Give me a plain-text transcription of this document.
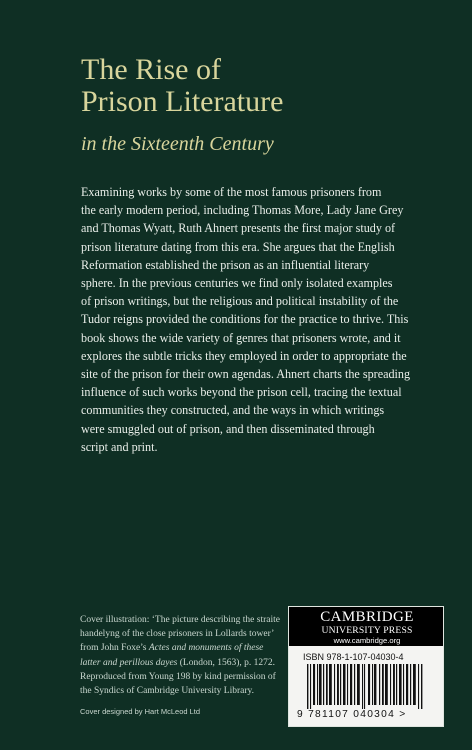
The Rise of
Prison Literature
in the Sixteenth Century
Examining works by some of the most famous prisoners from
the early modern period, including Thomas More, Lady Jane Grey
and Thomas Wyatt, Ruth Ahnert presents the first major study of
prison literature dating from this era. She argues that the English
Reformation established the prison as an influential literary
sphere. In the previous centuries we find only isolated examples
of prison writings, but the religious and political instability of the
Tudor reigns provided the conditions for the practice to thrive. This
book shows the wide variety of genres that prisoners wrote, and it
explores the subtle tricks they employed in order to appropriate the
site of the prison for their own agendas. Ahnert charts the spreading
influence of such works beyond the prison cell, tracing the textual
communities they constructed, and the ways in which writings
were smuggled out of prison, and then disseminated through
script and print.
Cover illustration: ‘The picture describing the straite
handelyng of the close prisoners in Lollards tower’
from John Foxe’s Actes and monuments of these
latter and perillous dayes (London, 1563), p. 1272.
Reproduced from Young 198 by kind permission of
the Syndics of Cambridge University Library.
Cover designed by Hart McLeod Ltd
CAMBRIDGE
UNIVERSITY PRESS
www.cambridge.org
ISBN 978-1-107-04030-4
9 781107 040304 >
